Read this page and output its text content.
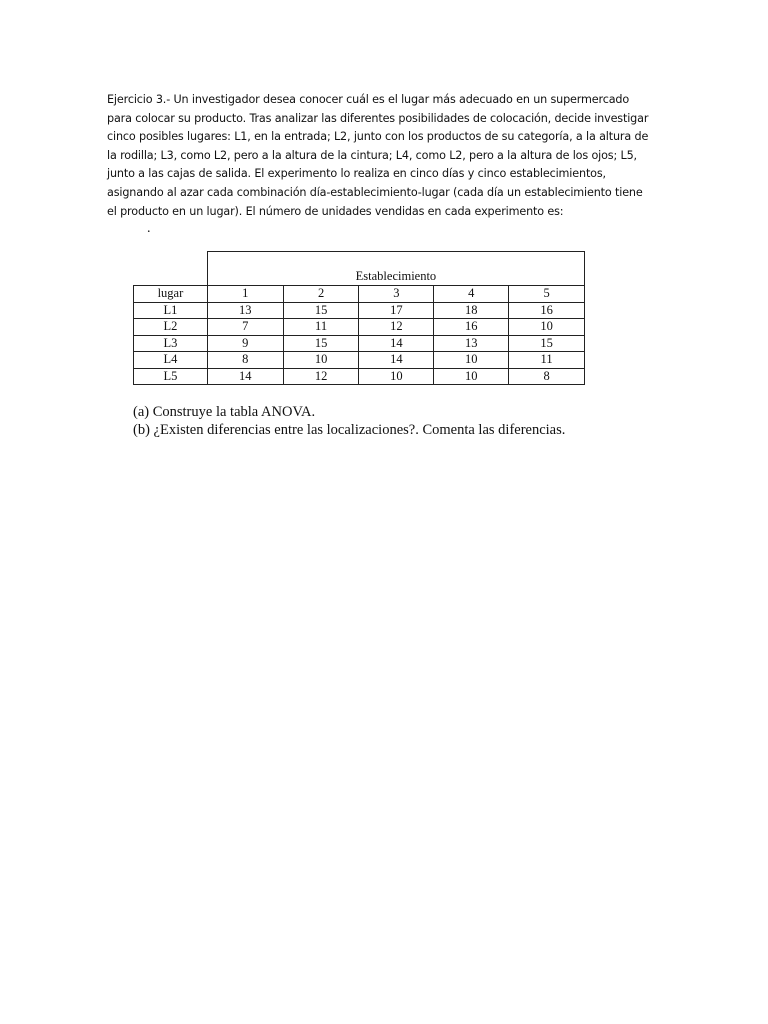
Ejercicio 3.- Un investigador desea conocer cuál es el lugar más adecuado en un supermercado
para colocar su producto. Tras analizar las diferentes posibilidades de colocación, decide investigar
cinco posibles lugares: L1, en la entrada; L2, junto con los productos de su categoría, a la altura de
la rodilla; L3, como L2, pero a la altura de la cintura; L4, como L2, pero a la altura de los ojos; L5,
junto a las cajas de salida. El experimento lo realiza en cinco días y cinco establecimientos,
asignando al azar cada combinación día-establecimiento-lugar (cada día un establecimiento tiene
el producto en un lugar). El número de unidades vendidas en cada experimento es:

.
	Establecimiento				
lugar	1	2	3	4	5
L1	13	15	17	18	16
L2	7	11	12	16	10
L3	9	15	14	13	15
L4	8	10	14	10	11
L5	14	12	10	10	8
(a) Construye la tabla ANOVA.
(b) ¿Existen diferencias entre las localizaciones?. Comenta las diferencias.
